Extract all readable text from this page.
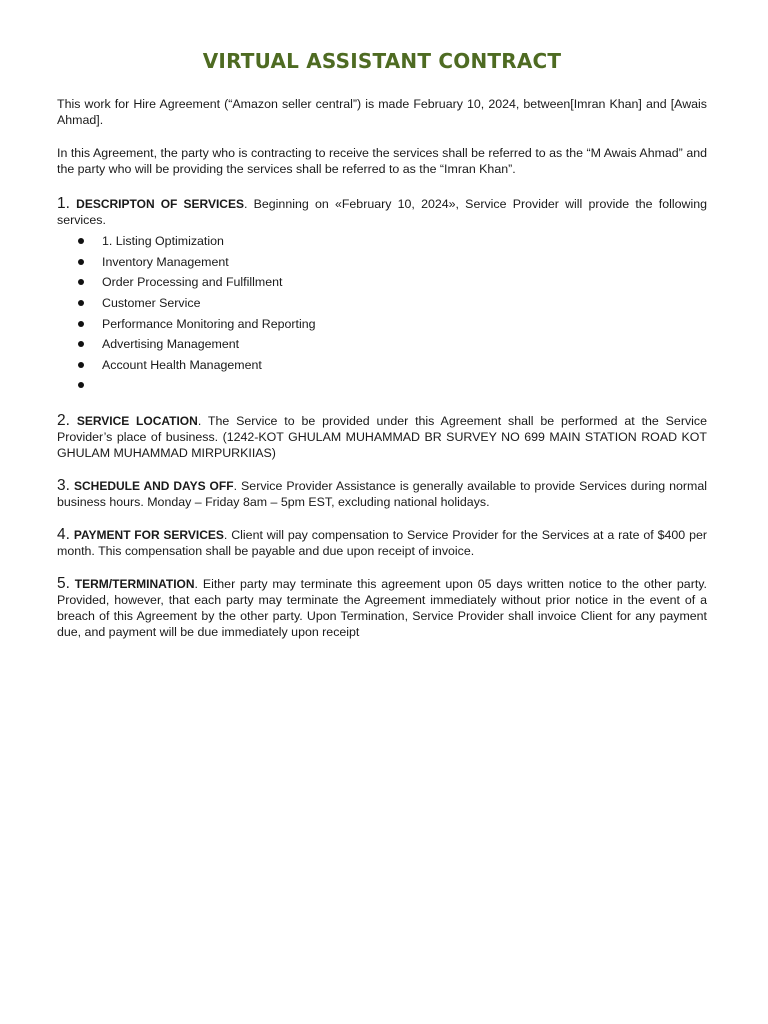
VIRTUAL ASSISTANT CONTRACT

This work for Hire Agreement (“Amazon seller central”) is made February 10, 2024, between[Imran Khan] and [Awais Ahmad].

In this Agreement, the party who is contracting to receive the services shall be referred to as the “M Awais Ahmad” and the party who will be providing the services shall be referred to as the “Imran Khan”.

1. DESCRIPTON OF SERVICES. Beginning on «February 10, 2024», Service Provider will provide the following services.

1. Listing Optimization
Inventory Management
Order Processing and Fulfillment
Customer Service
Performance Monitoring and Reporting
Advertising Management
Account Health Management

2. SERVICE LOCATION. The Service to be provided under this Agreement shall be performed at the Service Provider’s place of business. (1242-KOT GHULAM MUHAMMAD BR SURVEY NO 699 MAIN STATION ROAD KOT GHULAM MUHAMMAD MIRPURKIIAS)

3. SCHEDULE AND DAYS OFF. Service Provider Assistance is generally available to provide Services during normal business hours. Monday – Friday 8am – 5pm EST, excluding national holidays.

4. PAYMENT FOR SERVICES. Client will pay compensation to Service Provider for the Services at a rate of $400 per month. This compensation shall be payable and due upon receipt of invoice.

5. TERM/TERMINATION. Either party may terminate this agreement upon 05 days written notice to the other party. Provided, however, that each party may terminate the Agreement immediately without prior notice in the event of a breach of this Agreement by the other party. Upon Termination, Service Provider shall invoice Client for any payment due, and payment will be due immediately upon receipt
